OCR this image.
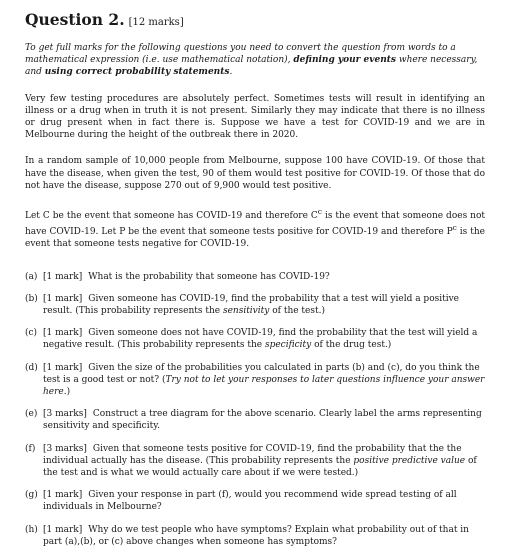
Question 2. [12 marks]
To get full marks for the following questions you need to convert the question from words to a mathematical expression (i.e. use mathematical notation), defining your events where necessary, and using correct probability statements.

Very few testing procedures are absolutely perfect. Sometimes tests will result in identifying an illness or a drug when in truth it is not present. Similarly they may indicate that there is no illness or drug present when in fact there is. Suppose we have a test for COVID-19 and we are in Melbourne during the height of the outbreak there in 2020.

In a random sample of 10,000 people from Melbourne, suppose 100 have COVID-19. Of those that have the disease, when given the test, 90 of them would test positive for COVID-19. Of those that do not have the disease, suppose 270 out of 9,900 would test positive.

Let C be the event that someone has COVID-19 and therefore $C^c$ is the event that someone does not have COVID-19. Let P be the event that someone tests positive for COVID-19 and therefore $P^c$ is the event that someone tests negative for COVID-19.

(a) [1 mark] What is the probability that someone has COVID-19?
(b) [1 mark] Given someone has COVID-19, find the probability that a test will yield a positive result. (This probability represents the sensitivity of the test.)
(c) [1 mark] Given someone does not have COVID-19, find the probability that the test will yield a negative result. (This probability represents the specificity of the drug test.)
(d) [1 mark] Given the size of the probabilities you calculated in parts (b) and (c), do you think the test is a good test or not? (Try not to let your responses to later questions influence your answer here.)
(e) [3 marks] Construct a tree diagram for the above scenario. Clearly label the arms representing sensitivity and specificity.
(f) [3 marks] Given that someone tests positive for COVID-19, find the probability that the the individual actually has the disease. (This probability represents the positive predictive value of the test and is what we would actually care about if we were tested.)
(g) [1 mark] Given your response in part (f), would you recommend wide spread testing of all individuals in Melbourne?
(h) [1 mark] Why do we test people who have symptoms? Explain what probability out of that in part (a),(b), or (c) above changes when someone has symptoms?
